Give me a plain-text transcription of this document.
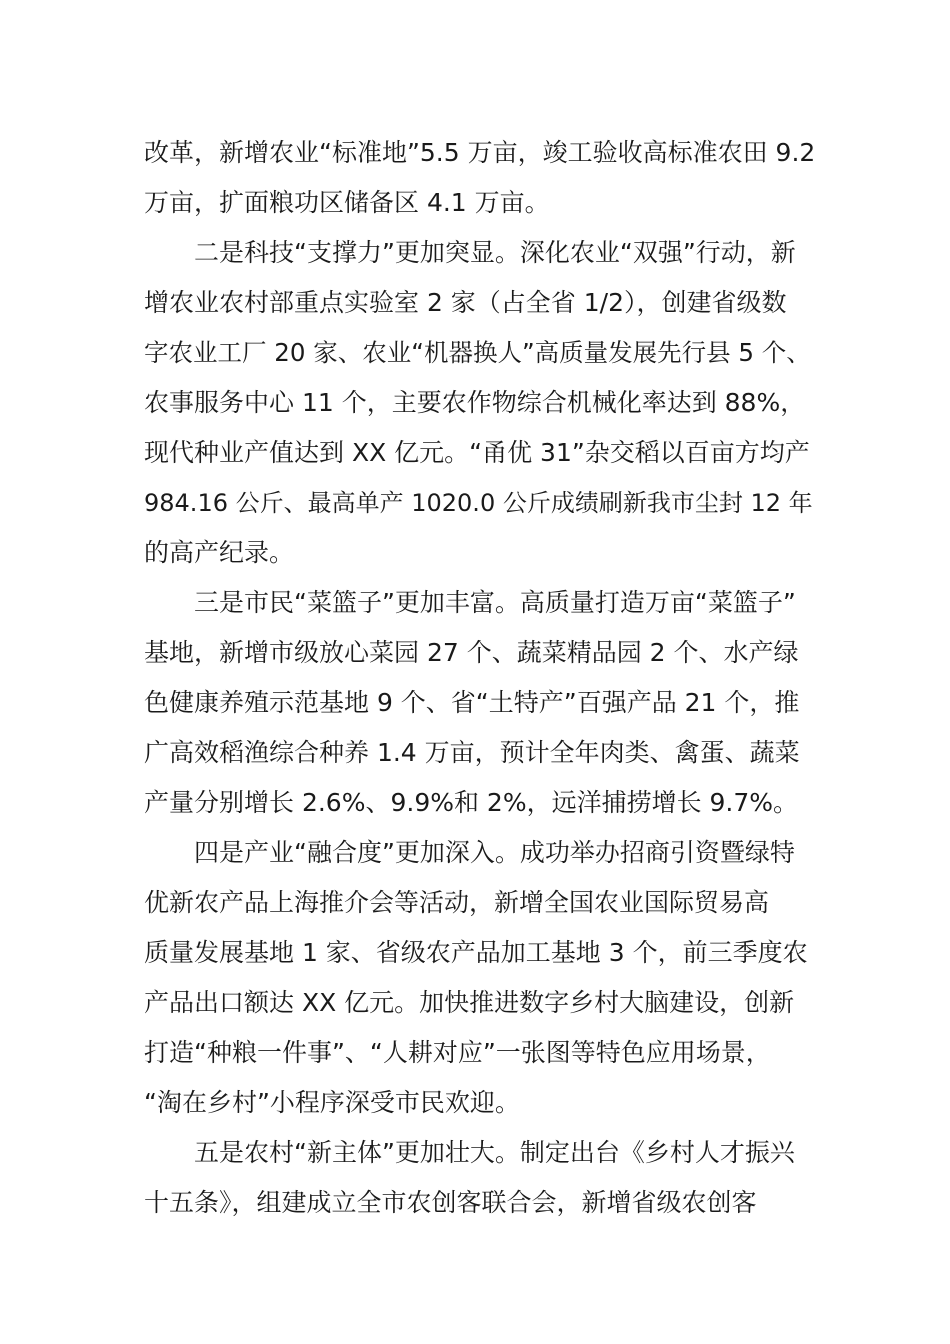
改革，新增农业“标准地”5.5 万亩，竣工验收高标准农田 9.2
万亩，扩面粮功区储备区 4.1 万亩。
二是科技“支撑力”更加突显。深化农业“双强”行动，新
增农业农村部重点实验室 2 家（占全省 1/2），创建省级数
字农业工厂 20 家、农业“机器换人”高质量发展先行县 5 个、
农事服务中心 11 个，主要农作物综合机械化率达到 88%，
现代种业产值达到 XX 亿元。“甬优 31”杂交稻以百亩方均产
984.16 公斤、最高单产 1020.0 公斤成绩刷新我市尘封 12 年
的高产纪录。
三是市民“菜篮子”更加丰富。高质量打造万亩“菜篮子”
基地，新增市级放心菜园 27 个、蔬菜精品园 2 个、水产绿
色健康养殖示范基地 9 个、省“土特产”百强产品 21 个，推
广高效稻渔综合种养 1.4 万亩，预计全年肉类、禽蛋、蔬菜
产量分别增长 2.6%、9.9%和 2%，远洋捕捞增长 9.7%。
四是产业“融合度”更加深入。成功举办招商引资暨绿特
优新农产品上海推介会等活动，新增全国农业国际贸易高
质量发展基地 1 家、省级农产品加工基地 3 个，前三季度农
产品出口额达 XX 亿元。加快推进数字乡村大脑建设，创新
打造“种粮一件事”、“人耕对应”一张图等特色应用场景，
“淘在乡村”小程序深受市民欢迎。
五是农村“新主体”更加壮大。制定出台《乡村人才振兴
十五条》，组建成立全市农创客联合会，新增省级农创客
